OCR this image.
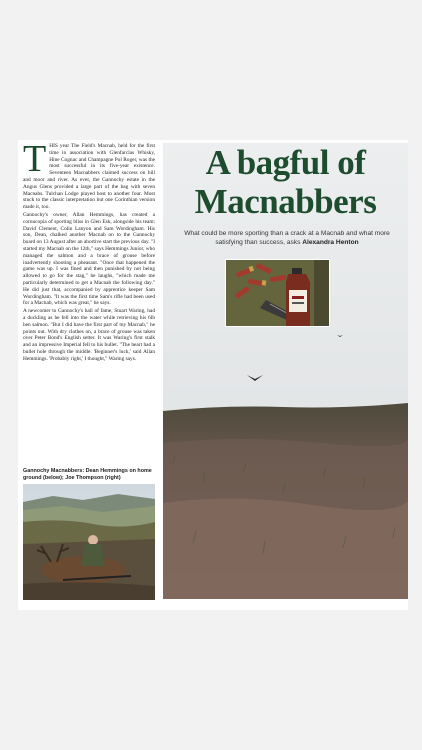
T HIS year The Field's Macnab, held for the first time in association with Glenfarclas Whisky, Hine Cognac and Champagne Pol Roger, was the most successful in its five-year existence. Seventeen Macnabbers claimed success on hill and moor and river. As ever, the Gannochy estate in the Angus Glens provided a large part of the bag with seven Macnabs. Tulchan Lodge played host to another four. Most stuck to the classic interpretation but one Corinthian version made it, too.

Gannochy's owner, Allan Hemmings, has created a cornucopia of sporting bliss in Glen Esk, alongside his team: David Clement, Colin Lanyon and Sam Wordingham. His son, Dean, chalked another Macnab on to the Gannochy board on 13 August after an abortive start the previous day. "I started my Macnab on the 12th," says Hemmings Junior, who managed the salmon and a brace of grouse before inadvertently shooting a pheasant. "Once that happened the game was up. I was fined and then punished by not being allowed to go for the stag," he laughs, "which made me particularly determined to get a Macnab the following day." He did just that, accompanied by apprentice keeper Sam Wordingham. "It was the first time Sam's rifle had been used for a Macnab, which was great," he says.

A newcomer to Gannochy's hall of fame, Stuart Waring, had a duckling as he fell into the water while retrieving his 6lb hen salmon. "But I did have the first part of my Macnab," he points out. With dry clothes on, a brace of grouse was taken over Peter Bond's English setter. It was Waring's first stalk and an impressive Imperial fell to his bullet. "The heart had a bullet hole through the middle. 'Beginner's luck,' said Allan Hemmings. 'Probably right,' I thought," Waring says.

Gannochy Macnabbers: Dean Hemmings on home ground (below); Joe Thompson (right)
A bagful of
Macnabbers
What could be more sporting than a crack at a Macnab and what more satisfying than success, asks Alexandra Henton
